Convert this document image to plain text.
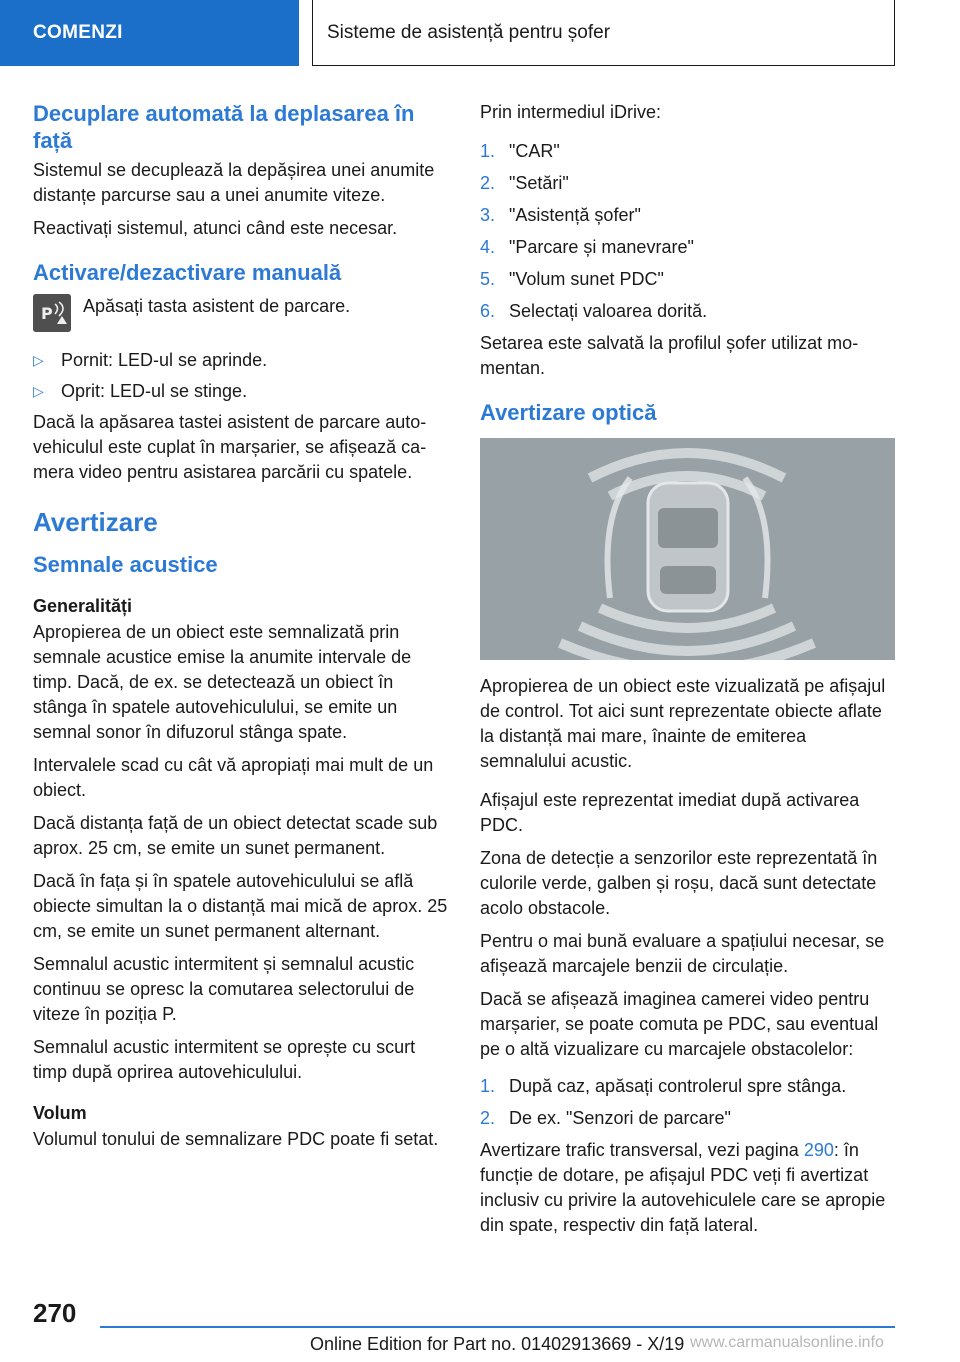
COMENZI	Sisteme de asistență pentru șofer
Decuplare automată la deplasarea în față

Sistemul se decuplează la depășirea unei anumite distanțe parcurse sau a unei anumite viteze.

Reactivați sistemul, atunci când este necesar.

Activare/dezactivare manuală
P Apăsați tasta asistent de parcare.
▷ Pornit: LED-ul se aprinde.
▷ Oprit: LED-ul se stinge.

Dacă la apăsarea tastei asistent de parcare autovehiculul este cuplat în marșarier, se afișează camera video pentru asistarea parcării cu spatele.

Avertizare
Semnale acustice
Generalități

Apropierea de un obiect este semnalizată prin semnale acustice emise la anumite intervale de timp. Dacă, de ex. se detectează un obiect în stânga în spatele autovehiculului, se emite un semnal sonor în difuzorul stânga spate.

Intervalele scad cu cât vă apropiați mai mult de un obiect.

Dacă distanța față de un obiect detectat scade sub aprox. 25 cm, se emite un sunet permanent.

Dacă în fața și în spatele autovehiculului se află obiecte simultan la o distanță mai mică de aprox. 25 cm, se emite un sunet permanent alternant.

Semnalul acustic intermitent și semnalul acustic continuu se opresc la comutarea selectorului de viteze în poziția P.

Semnalul acustic intermitent se oprește cu scurt timp după oprirea autovehiculului.

Volum

Volumul tonului de semnalizare PDC poate fi setat.

Prin intermediul iDrive:

1. "CAR"
2. "Setări"
3. "Asistență șofer"
4. "Parcare și manevrare"
5. "Volum sunet PDC"
6. Selectați valoarea dorită.

Setarea este salvată la profilul șofer utilizat momentan.

Avertizare optică

Apropierea de un obiect este vizualizată pe afișajul de control. Tot aici sunt reprezentate obiecte aflate la distanță mai mare, înainte de emiterea semnalului acustic.

Afișajul este reprezentat imediat după activarea PDC.

Zona de detecție a senzorilor este reprezentată în culorile verde, galben și roșu, dacă sunt detectate acolo obstacole.

Pentru o mai bună evaluare a spațiului necesar, se afișează marcajele benzii de circulație.

Dacă se afișează imaginea camerei video pentru marșarier, se poate comuta pe PDC, sau eventual pe o altă vizualizare cu marcajele obstacolelor:

1. După caz, apăsați controlerul spre stânga.
2. De ex. "Senzori de parcare"

Avertizare trafic transversal, vezi pagina 290: în funcție de dotare, pe afișajul PDC veți fi avertizat inclusiv cu privire la autovehiculele care se apropie din spate, respectiv din față lateral.

270
Online Edition for Part no. 01402913669 - X/19 www.carmanualsonline.info
